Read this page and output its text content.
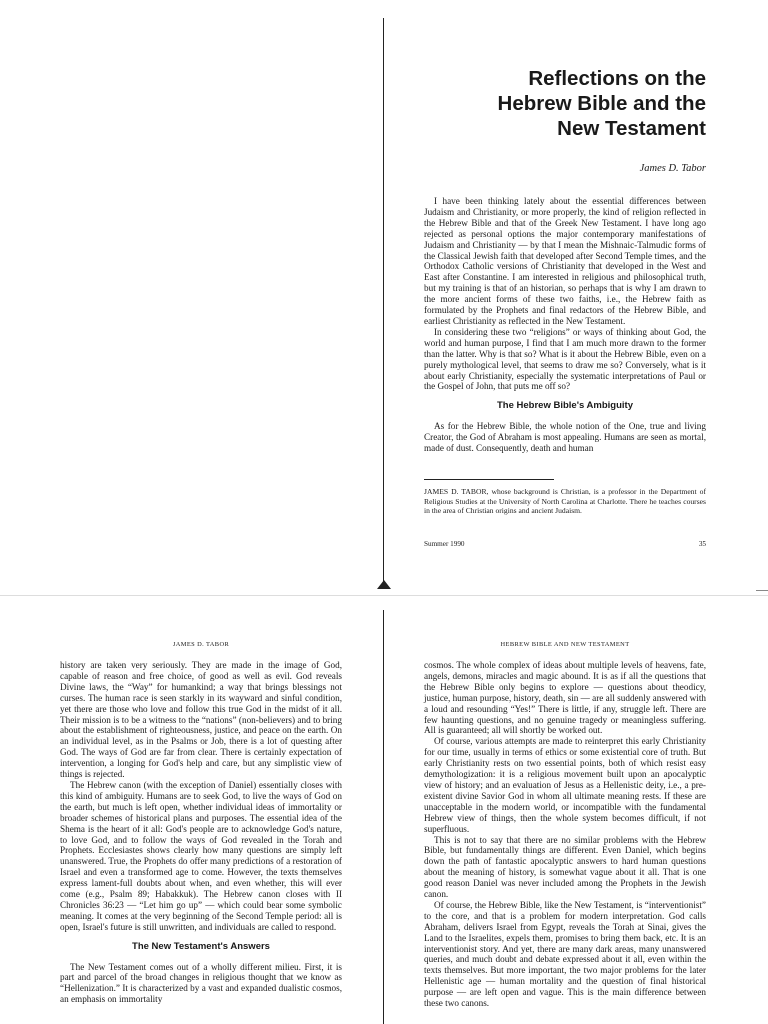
Reflections on the
Hebrew Bible and the
New Testament
James D. Tabor

I have been thinking lately about the essential differences between Judaism and Christianity, or more properly, the kind of religion reflected in the Hebrew Bible and that of the Greek New Testament. I have long ago rejected as personal options the major contemporary manifestations of Judaism and Christianity — by that I mean the Mishnaic-Talmudic forms of the Classical Jewish faith that developed after Second Temple times, and the Orthodox Catholic versions of Christianity that developed in the West and East after Constantine. I am interested in religious and philosophical truth, but my training is that of an historian, so perhaps that is why I am drawn to the more ancient forms of these two faiths, i.e., the Hebrew faith as formulated by the Prophets and final redactors of the Hebrew Bible, and earliest Christianity as reflected in the New Testament.

In considering these two “religions” or ways of thinking about God, the world and human purpose, I find that I am much more drawn to the former than the latter. Why is that so? What is it about the Hebrew Bible, even on a purely mythological level, that seems to draw me so? Conversely, what is it about early Christianity, especially the systematic interpretations of Paul or the Gospel of John, that puts me off so?

The Hebrew Bible's Ambiguity

As for the Hebrew Bible, the whole notion of the One, true and living Creator, the God of Abraham is most appealing. Humans are seen as mortal, made of dust. Consequently, death and human

JAMES D. TABOR, whose background is Christian, is a professor in the Department of Religious Studies at the University of North Carolina at Charlotte. There he teaches courses in the area of Christian origins and ancient Judaism.
Summer 1990	35
JAMES D. TABOR	HEBREW BIBLE AND NEW TESTAMENT

history are taken very seriously. They are made in the image of God, capable of reason and free choice, of good as well as evil. God reveals Divine laws, the “Way” for humankind; a way that brings blessings not curses. The human race is seen starkly in its wayward and sinful condition, yet there are those who love and follow this true God in the midst of it all. Their mission is to be a witness to the “nations” (non-believers) and to bring about the establishment of righteousness, justice, and peace on the earth. On an individual level, as in the Psalms or Job, there is a lot of questing after God. The ways of God are far from clear. There is certainly expectation of intervention, a longing for God's help and care, but any simplistic view of things is rejected.

The Hebrew canon (with the exception of Daniel) essentially closes with this kind of ambiguity. Humans are to seek God, to live the ways of God on the earth, but much is left open, whether individual ideas of immortality or broader schemes of historical plans and purposes. The essential idea of the Shema is the heart of it all: God's people are to acknowledge God's nature, to love God, and to follow the ways of God revealed in the Torah and Prophets. Ecclesiastes shows clearly how many questions are simply left unanswered. True, the Prophets do offer many predictions of a restoration of Israel and even a transformed age to come. However, the texts themselves express lament-full doubts about when, and even whether, this will ever come (e.g., Psalm 89; Habakkuk). The Hebrew canon closes with II Chronicles 36:23 — “Let him go up” — which could bear some symbolic meaning. It comes at the very beginning of the Second Temple period: all is open, Israel's future is still unwritten, and individuals are called to respond.

The New Testament's Answers

The New Testament comes out of a wholly different milieu. First, it is part and parcel of the broad changes in religious thought that we know as “Hellenization.” It is characterized by a vast and expanded dualistic cosmos, an emphasis on immortality

cosmos. The whole complex of ideas about multiple levels of heavens, fate, angels, demons, miracles and magic abound. It is as if all the questions that the Hebrew Bible only begins to explore — questions about theodicy, justice, human purpose, history, death, sin — are all suddenly answered with a loud and resounding “Yes!” There is little, if any, struggle left. There are few haunting questions, and no genuine tragedy or meaningless suffering. All is guaranteed; all will shortly be worked out.

Of course, various attempts are made to reinterpret this early Christianity for our time, usually in terms of ethics or some existential core of truth. But early Christianity rests on two essential points, both of which resist easy demythologization: it is a religious movement built upon an apocalyptic view of history; and an evaluation of Jesus as a Hellenistic deity, i.e., a pre-existent divine Savior God in whom all ultimate meaning rests. If these are unacceptable in the modern world, or incompatible with the fundamental Hebrew view of things, then the whole system becomes difficult, if not superfluous.

This is not to say that there are no similar problems with the Hebrew Bible, but fundamentally things are different. Even Daniel, which begins down the path of fantastic apocalyptic answers to hard human questions about the meaning of history, is somewhat vague about it all. That is one good reason Daniel was never included among the Prophets in the Jewish canon.

Of course, the Hebrew Bible, like the New Testament, is “interventionist” to the core, and that is a problem for modern interpretation. God calls Abraham, delivers Israel from Egypt, reveals the Torah at Sinai, gives the Land to the Israelites, expels them, promises to bring them back, etc. It is an interventionist story. And yet, there are many dark areas, many unanswered queries, and much doubt and debate expressed about it all, even within the texts themselves. But more important, the two major problems for the later Hellenistic age — human mortality and the question of final historical purpose — are left open and vague. This is the main difference between these two canons.
